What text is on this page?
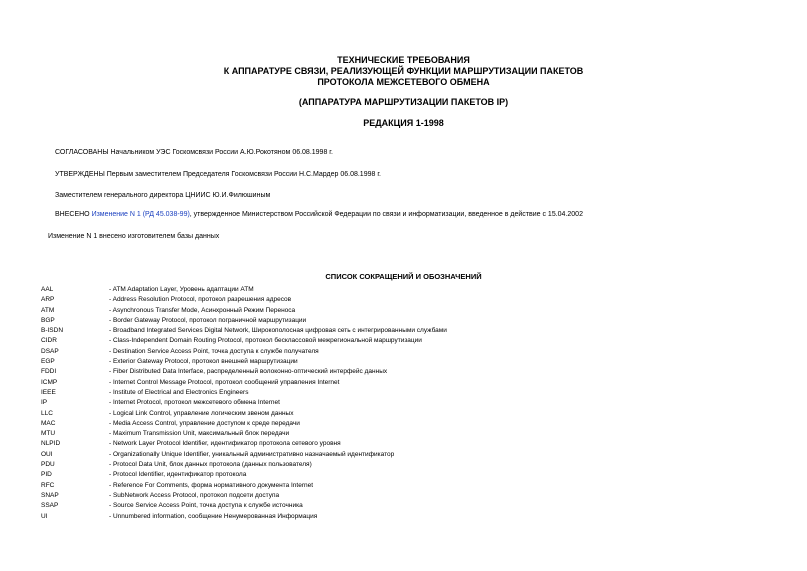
ТЕХНИЧЕСКИЕ ТРЕБОВАНИЯ
К АППАРАТУРЕ СВЯЗИ, РЕАЛИЗУЮЩЕЙ ФУНКЦИИ МАРШРУТИЗАЦИИ ПАКЕТОВ
ПРОТОКОЛА МЕЖСЕТЕВОГО ОБМЕНА
(АППАРАТУРА МАРШРУТИЗАЦИИ ПАКЕТОВ IP)
РЕДАКЦИЯ 1-1998
СОГЛАСОВАНЫ Начальником УЭС Госкомсвязи России А.Ю.Рокотяном 06.08.1998 г.
УТВЕРЖДЕНЫ Первым заместителем Председателя Госкомсвязи России Н.С.Мардер 06.08.1998 г.
Заместителем генерального директора ЦНИИС Ю.И.Филюшиным
ВНЕСЕНО Изменение N 1 (РД 45.038-99), утвержденное Министерством Российской Федерации по связи и информатизации, введенное в действие с 15.04.2002
Изменение N 1 внесено изготовителем базы данных
СПИСОК СОКРАЩЕНИЙ И ОБОЗНАЧЕНИЙ
AAL	- ATM Adaptation Layer, Уровень адаптации ATM
ARP	- Address Resolution Protocol, протокол разрешения адресов
ATM	- Asynchronous Transfer Mode, Асинхронный Режим Переноса
BGP	- Border Gateway Protocol, протокол пограничной маршрутизации
B-ISDN	- Broadband Integrated Services Digital Network, Широкополосная цифровая сеть с интегрированными службами
CIDR	- Class-Independent Domain Routing Protocol, протокол бесклассовой межрегиональной маршрутизации
DSAP	- Destination Service Access Point, точка доступа к службе получателя
EGP	- Exterior Gateway Protocol, протокол внешней маршрутизации
FDDI	- Fiber Distributed Data Interface, распределенный волоконно-оптический интерфейс данных
ICMP	- Internet Control Message Protocol, протокол сообщений управления Internet
IEEE	- Institute of Electrical and Electronics Engineers
IP	- Internet Protocol, протокол межсетевого обмена Internet
LLC	- Logical Link Control, управление логическим звеном данных
MAC	- Media Access Control, управление доступом к среде передачи
MTU	- Maximum Transmission Unit, максимальный блок передачи
NLPID	- Network Layer Protocol Identifier, идентификатор протокола сетевого уровня
OUI	- Organizationally Unique Identifier, уникальный административно назначаемый идентификатор
PDU	- Protocol Data Unit, блок данных протокола (данных пользователя)
PID	- Protocol Identifier, идентификатор протокола
RFC	- Reference For Comments, форма нормативного документа Internet
SNAP	- SubNetwork Access Protocol, протокол подсети доступа
SSAP	- Source Service Access Point, точка доступа к службе источника
UI	- Unnumbered information, сообщение Ненумерованная Информация
